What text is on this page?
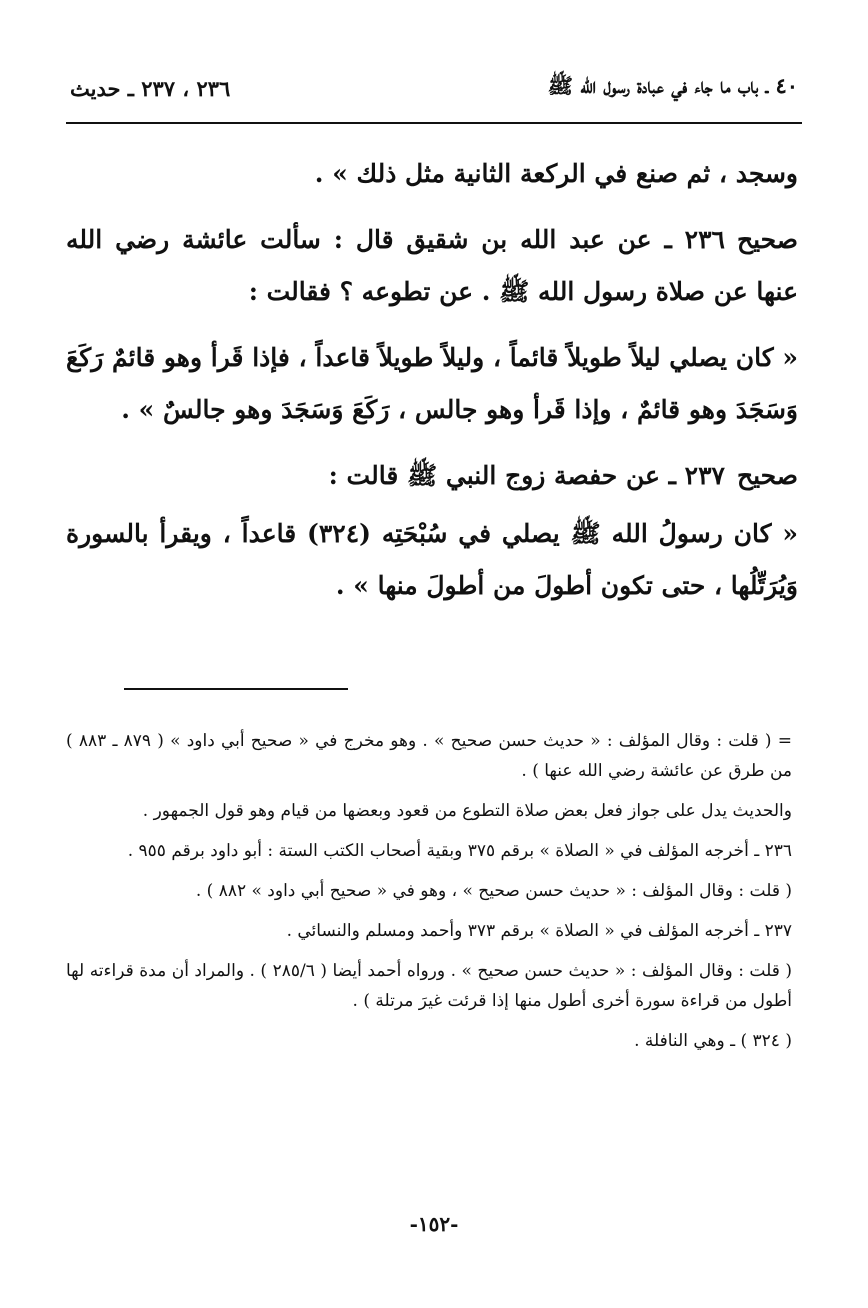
٤٠ ـ باب ما جاء في عبادة رسول الله ﷺ
٢٣٦ ، ٢٣٧ ـ حديث

وسجد ، ثم صنع في الركعة الثانية مثل ذلك » .

صحيح٢٣٦ ـ عن عبد الله بن شقيق قال : سألت عائشة رضي الله عنها عن صلاة رسول الله ﷺ . عن تطوعه ؟ فقالت :

« كان يصلي ليلاً طويلاً قائماً ، وليلاً طويلاً قاعداً ، فإذا قَرأ وهو قائمٌ رَكَعَ وَسَجَدَ وهو قائمٌ ، وإذا قَرأ وهو جالس ، رَكَعَ وَسَجَدَ وهو جالسٌ » .

صحيح٢٣٧ ـ عن حفصة زوج النبي ﷺ قالت :

« كان رسولُ الله ﷺ يصلي في سُبْحَتِه (٣٢٤) قاعداً ، ويقرأ بالسورة وَيُرَتِّلُها ، حتى تكون أطولَ من أطولَ منها » .

= ( قلت : وقال المؤلف : « حديث حسن صحيح » . وهو مخرج في « صحيح أبي داود » ( ٨٧٩ ـ ٨٨٣ ) من طرق عن عائشة رضي الله عنها ) .

والحديث يدل على جواز فعل بعض صلاة التطوع من قعود وبعضها من قيام وهو قول الجمهور .

٢٣٦ ـ أخرجه المؤلف في « الصلاة » برقم ٣٧٥ وبقية أصحاب الكتب الستة : أبو داود برقم ٩٥٥ .

( قلت : وقال المؤلف : « حديث حسن صحيح » ، وهو في « صحيح أبي داود » ٨٨٢ ) .

٢٣٧ ـ أخرجه المؤلف في « الصلاة » برقم ٣٧٣ وأحمد ومسلم والنسائي .

( قلت : وقال المؤلف : « حديث حسن صحيح » . ورواه أحمد أيضا ( ٢٨٥/٦ ) . والمراد أن مدة قراءته لها أطول من قراءة سورة أخرى أطول منها إذا قرئت غيرَ مرتلة ) .

( ٣٢٤ ) ـ وهي النافلة .

-١٥٢-
